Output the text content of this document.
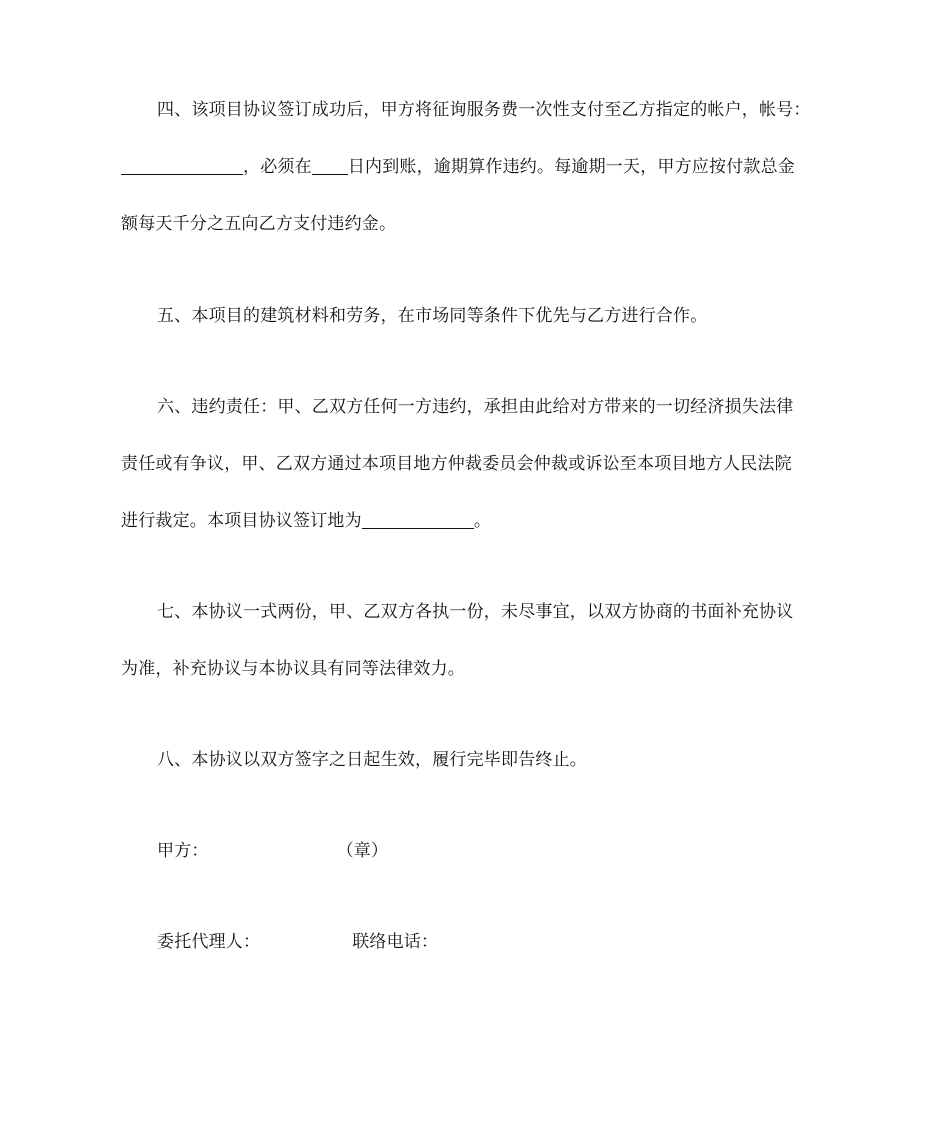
四、该项目协议签订成功后，甲方将征询服务费一次性支付至乙方指定的帐户，帐号：
，必须在 日内到账，逾期算作违约。每逾期一天，甲方应按付款总金
额每天千分之五向乙方支付违约金。
五、本项目的建筑材料和劳务，在市场同等条件下优先与乙方进行合作。
六、违约责任：甲、乙双方任何一方违约，承担由此给对方带来的一切经济损失法律
责任或有争议，甲、乙双方通过本项目地方仲裁委员会仲裁或诉讼至本项目地方人民法院
进行裁定。本项目协议签订地为	。
七、本协议一式两份，甲、乙双方各执一份，未尽事宜，以双方协商的书面补充协议
为准，补充协议与本协议具有同等法律效力。
八、本协议以双方签字之日起生效，履行完毕即告终止。
甲方：	（章）
委托代理人：	联络电话：
